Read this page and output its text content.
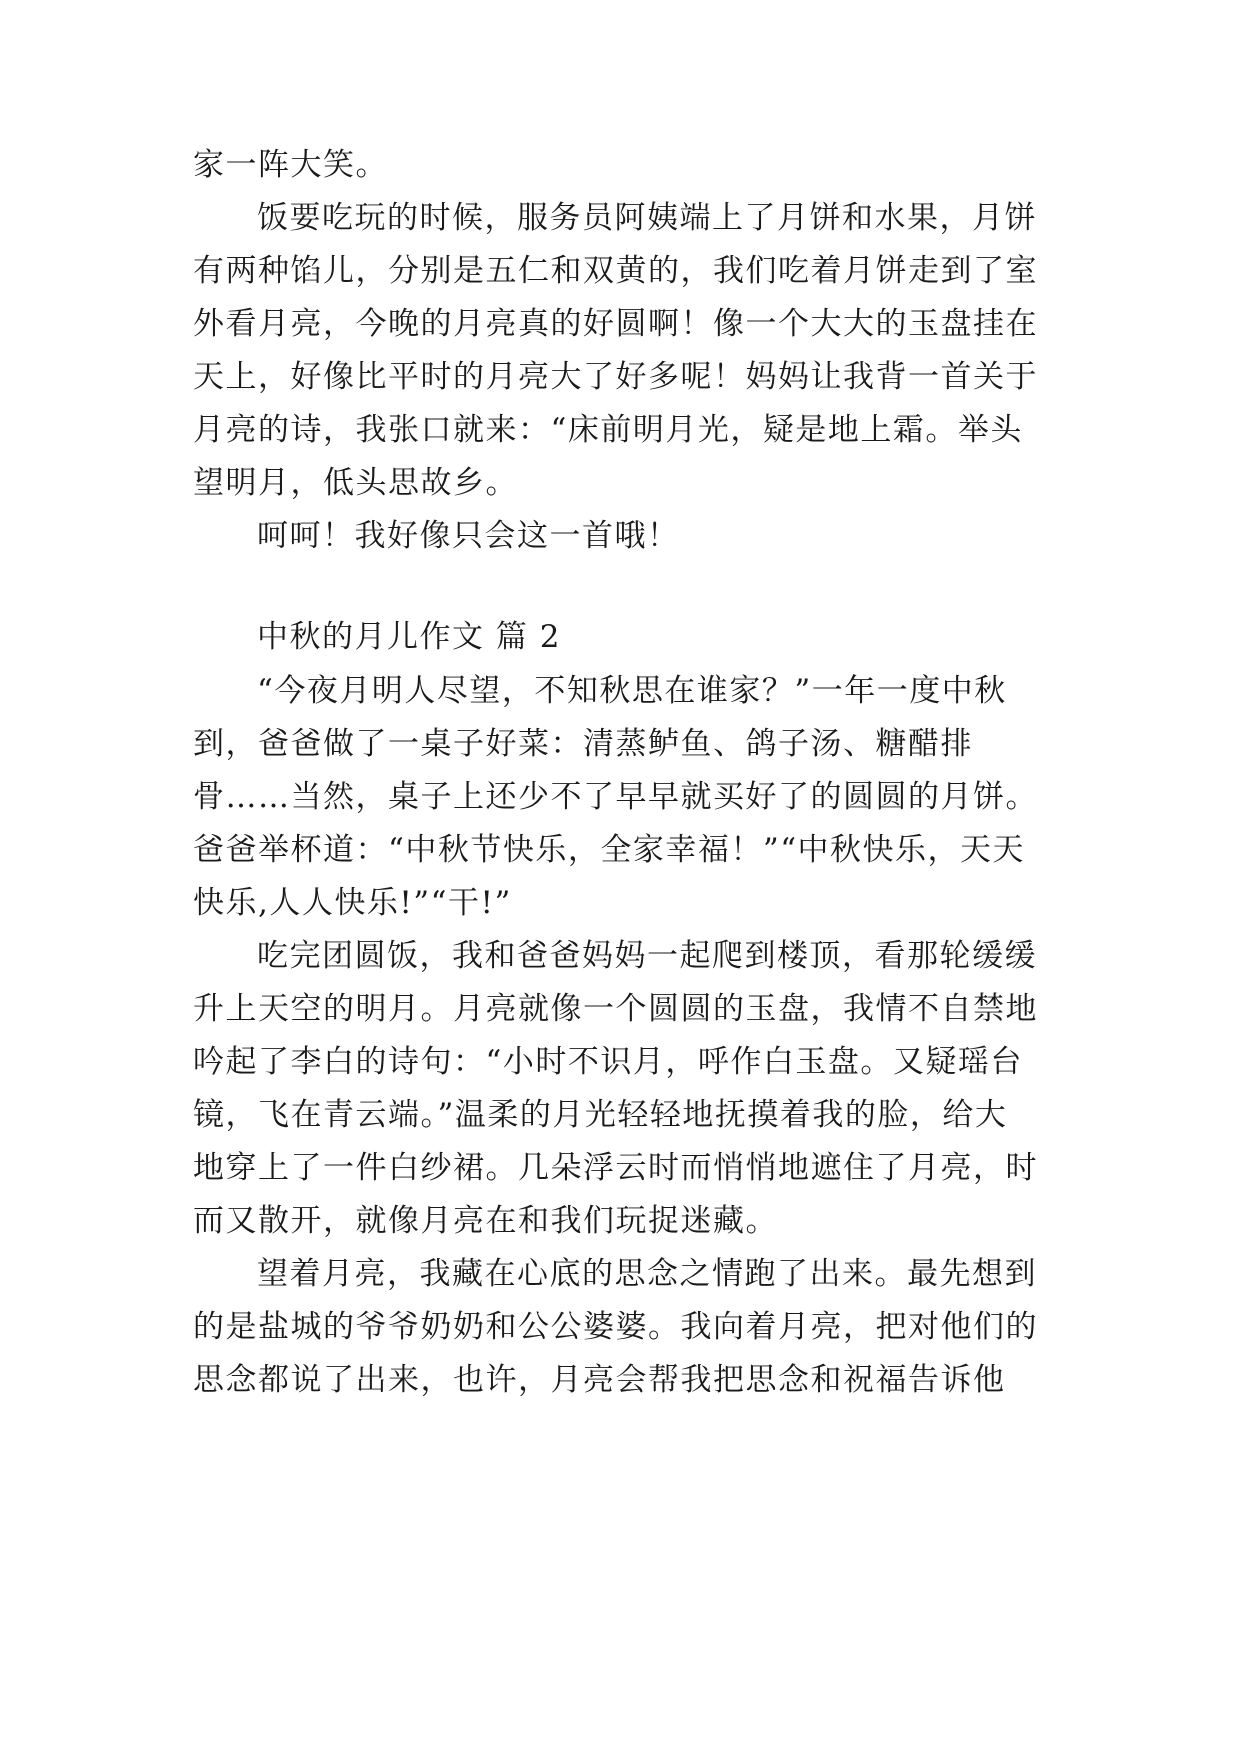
家一阵大笑。
饭要吃玩的时候，服务员阿姨端上了月饼和水果，月饼
有两种馅儿，分别是五仁和双黄的，我们吃着月饼走到了室
外看月亮，今晚的月亮真的好圆啊！像一个大大的玉盘挂在
天上，好像比平时的月亮大了好多呢！妈妈让我背一首关于
月亮的诗，我张口就来：“床前明月光，疑是地上霜。举头
望明月，低头思故乡。
呵呵！我好像只会这一首哦！
中秋的月儿作文 篇 2
“今夜月明人尽望，不知秋思在谁家？”一年一度中秋
到，爸爸做了一桌子好菜：清蒸鲈鱼、鸽子汤、糖醋排
骨……当然，桌子上还少不了早早就买好了的圆圆的月饼。
爸爸举杯道：“中秋节快乐，全家幸福！”“中秋快乐，天天
快乐,人人快乐!”“干!”
吃完团圆饭，我和爸爸妈妈一起爬到楼顶，看那轮缓缓
升上天空的明月。月亮就像一个圆圆的玉盘，我情不自禁地
吟起了李白的诗句：“小时不识月，呼作白玉盘。又疑瑶台
镜，飞在青云端。”温柔的月光轻轻地抚摸着我的脸，给大
地穿上了一件白纱裙。几朵浮云时而悄悄地遮住了月亮，时
而又散开，就像月亮在和我们玩捉迷藏。
望着月亮，我藏在心底的思念之情跑了出来。最先想到
的是盐城的爷爷奶奶和公公婆婆。我向着月亮，把对他们的
思念都说了出来，也许，月亮会帮我把思念和祝福告诉他
